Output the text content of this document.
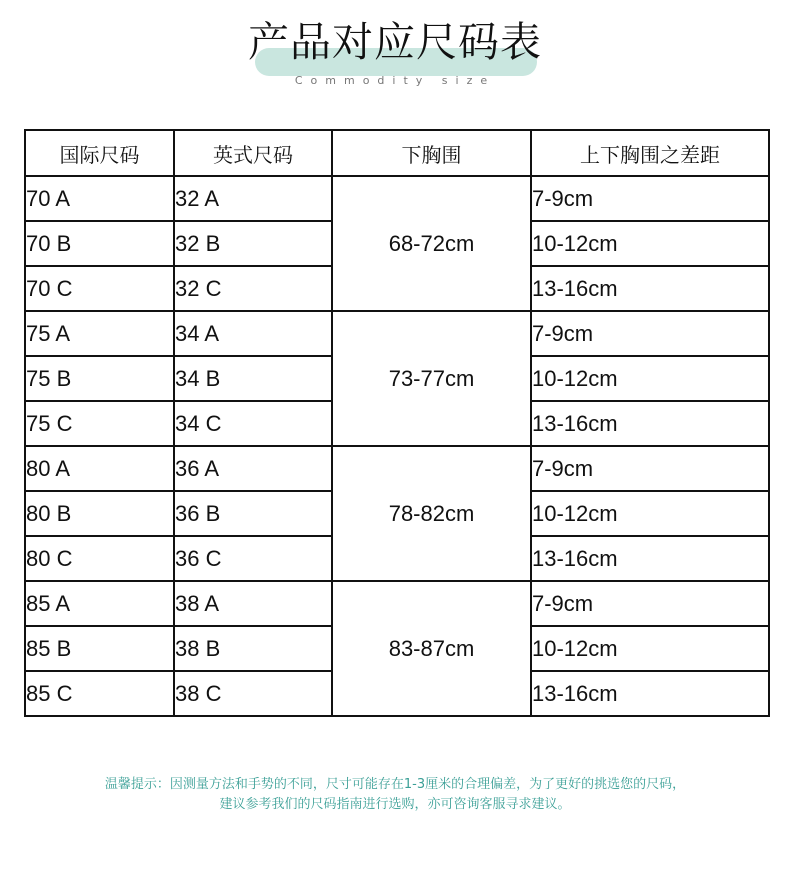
产品对应尺码表
Commodity size
国际尺码	英式尺码	下胸围	上下胸围之差距
70 A	32 A	68-72cm	7-9cm
70 B	32 B		10-12cm
70 C	32 C		13-16cm
75 A	34 A	73-77cm	7-9cm
75 B	34 B		10-12cm
75 C	34 C		13-16cm
80 A	36 A	78-82cm	7-9cm
80 B	36 B		10-12cm
80 C	36 C		13-16cm
85 A	38 A	83-87cm	7-9cm
85 B	38 B		10-12cm
85 C	38 C		13-16cm
温馨提示：因测量方法和手势的不同，尺寸可能存在1-3厘米的合理偏差，为了更好的挑选您的尺码，
建议参考我们的尺码指南进行选购，亦可咨询客服寻求建议。
